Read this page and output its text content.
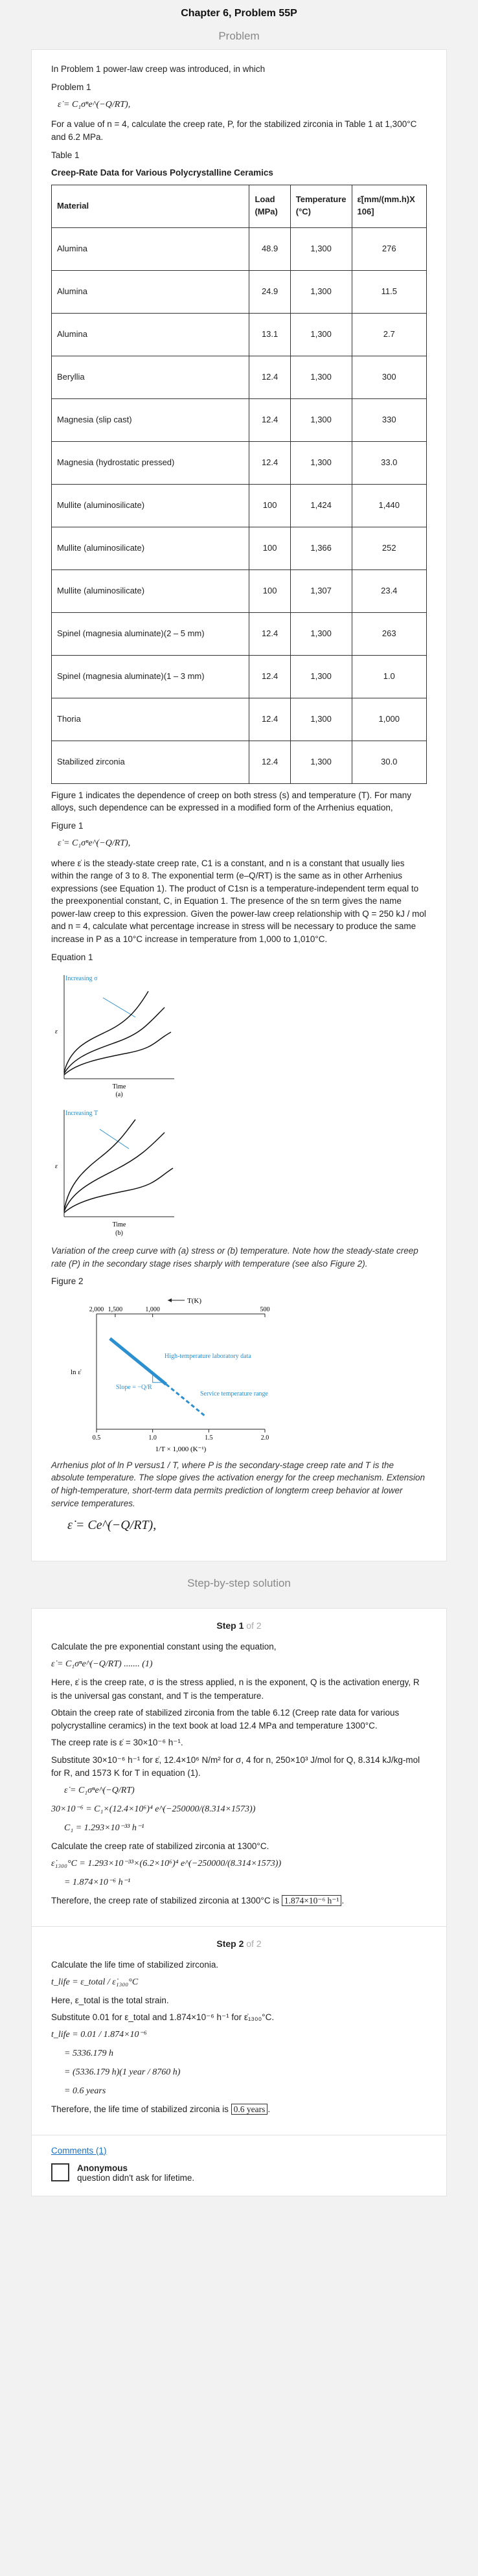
Chapter 6, Problem 55P
Problem

In Problem 1 power-law creep was introduced, in which

Problem 1

ε̇ = C₁σⁿe^(−Q/RT),

For a value of n = 4, calculate the creep rate, P, for the stabilized zirconia in Table 1 at 1,300°C and 6.2 MPa.

Table 1

Creep-Rate Data for Various Polycrystalline Ceramics

Material	Load (MPa)	Temperature (°C)	ε̇[mm/(mm.h)X 106]
Alumina	48.9	1,300	276
Alumina	24.9	1,300	11.5
Alumina	13.1	1,300	2.7
Beryllia	12.4	1,300	300
Magnesia (slip cast)	12.4	1,300	330
Magnesia (hydrostatic pressed)	12.4	1,300	33.0
Mullite (aluminosilicate)	100	1,424	1,440
Mullite (aluminosilicate)	100	1,366	252
Mullite (aluminosilicate)	100	1,307	23.4
Spinel (magnesia aluminate)(2 – 5 mm)	12.4	1,300	263
Spinel (magnesia aluminate)(1 – 3 mm)	12.4	1,300	1.0
Thoria	12.4	1,300	1,000
Stabilized zirconia	12.4	1,300	30.0

Figure 1 indicates the dependence of creep on both stress (s) and temperature (T). For many alloys, such dependence can be expressed in a modified form of the Arrhenius equation,

Figure 1

ε̇ = C₁σⁿe^(−Q/RT),

where ε̇ is the steady-state creep rate, C1 is a constant, and n is a constant that usually lies within the range of 3 to 8. The exponential term (e–Q/RT) is the same as in other Arrhenius expressions (see Equation 1). The product of C1sn is a temperature-independent term equal to the preexponential constant, C, in Equation 1. The presence of the sn term gives the name power-law creep to this expression. Given the power-law creep relationship with Q = 250 kJ / mol and n = 4, calculate what percentage increase in stress will be necessary to produce the same increase in P as a 10°C increase in temperature from 1,000 to 1,010°C.

Equation 1

Increasing σ
ε
Time
(a)
Increasing T
ε
Time
(b)

Variation of the creep curve with (a) stress or (b) temperature. Note how the steady-state creep rate (P) in the secondary stage rises sharply with temperature (see also Figure 2).

Figure 2

0.5	1.0	1.5	2.0
2,000 1,500	1,000	500
ln ε̇
T(K)
1/T × 1,000 (K⁻¹)
High-temperature laboratory data
Slope = −Q/R
Service temperature range

Arrhenius plot of ln P versus1 / T, where P is the secondary-stage creep rate and T is the absolute temperature. The slope gives the activation energy for the creep mechanism. Extension of high-temperature, short-term data permits prediction of longterm creep behavior at lower service temperatures.

ε̇ = Ce^(−Q/RT),
Step-by-step solution
Step 1 of 2

Calculate the pre exponential constant using the equation,

ε̇ = C₁σⁿe^(−Q/RT) ....... (1)

Here, ε̇ is the creep rate, σ is the stress applied, n is the exponent, Q is the activation energy, R is the universal gas constant, and T is the temperature.

Obtain the creep rate of stabilized zirconia from the table 6.12 (Creep rate data for various polycrystalline ceramics) in the text book at load 12.4 MPa and temperature 1300°C.

The creep rate is ε̇ = 30×10⁻⁶ h⁻¹.

Substitute 30×10⁻⁶ h⁻¹ for ε̇, 12.4×10⁶ N/m² for σ, 4 for n, 250×10³ J/mol for Q, 8.314 kJ/kg-mol for R, and 1573 K for T in equation (1).

ε̇ = C₁σⁿe^(−Q/RT)
30×10⁻⁶ = C₁×(12.4×10⁶)⁴ e^(−250000/(8.314×1573))
C₁ = 1.293×10⁻³³ h⁻¹

Calculate the creep rate of stabilized zirconia at 1300°C.

ε̇₁₃₀₀°C = 1.293×10⁻³³×(6.2×10⁶)⁴ e^(−250000/(8.314×1573))
= 1.874×10⁻⁶ h⁻¹

Therefore, the creep rate of stabilized zirconia at 1300°C is 1.874×10⁻⁶ h⁻¹ .

Step 2 of 2

Calculate the life time of stabilized zirconia.

t_life = ε_total / ε̇₁₃₀₀°C

Here, ε_total is the total strain.

Substitute 0.01 for ε_total and 1.874×10⁻⁶ h⁻¹ for ε̇₁₃₀₀°C.

t_life = 0.01 / 1.874×10⁻⁶
= 5336.179 h
= (5336.179 h)(1 year / 8760 h)
= 0.6 years

Therefore, the life time of stabilized zirconia is 0.6 years .

Comments (1)
Anonymous
question didn't ask for lifetime.
